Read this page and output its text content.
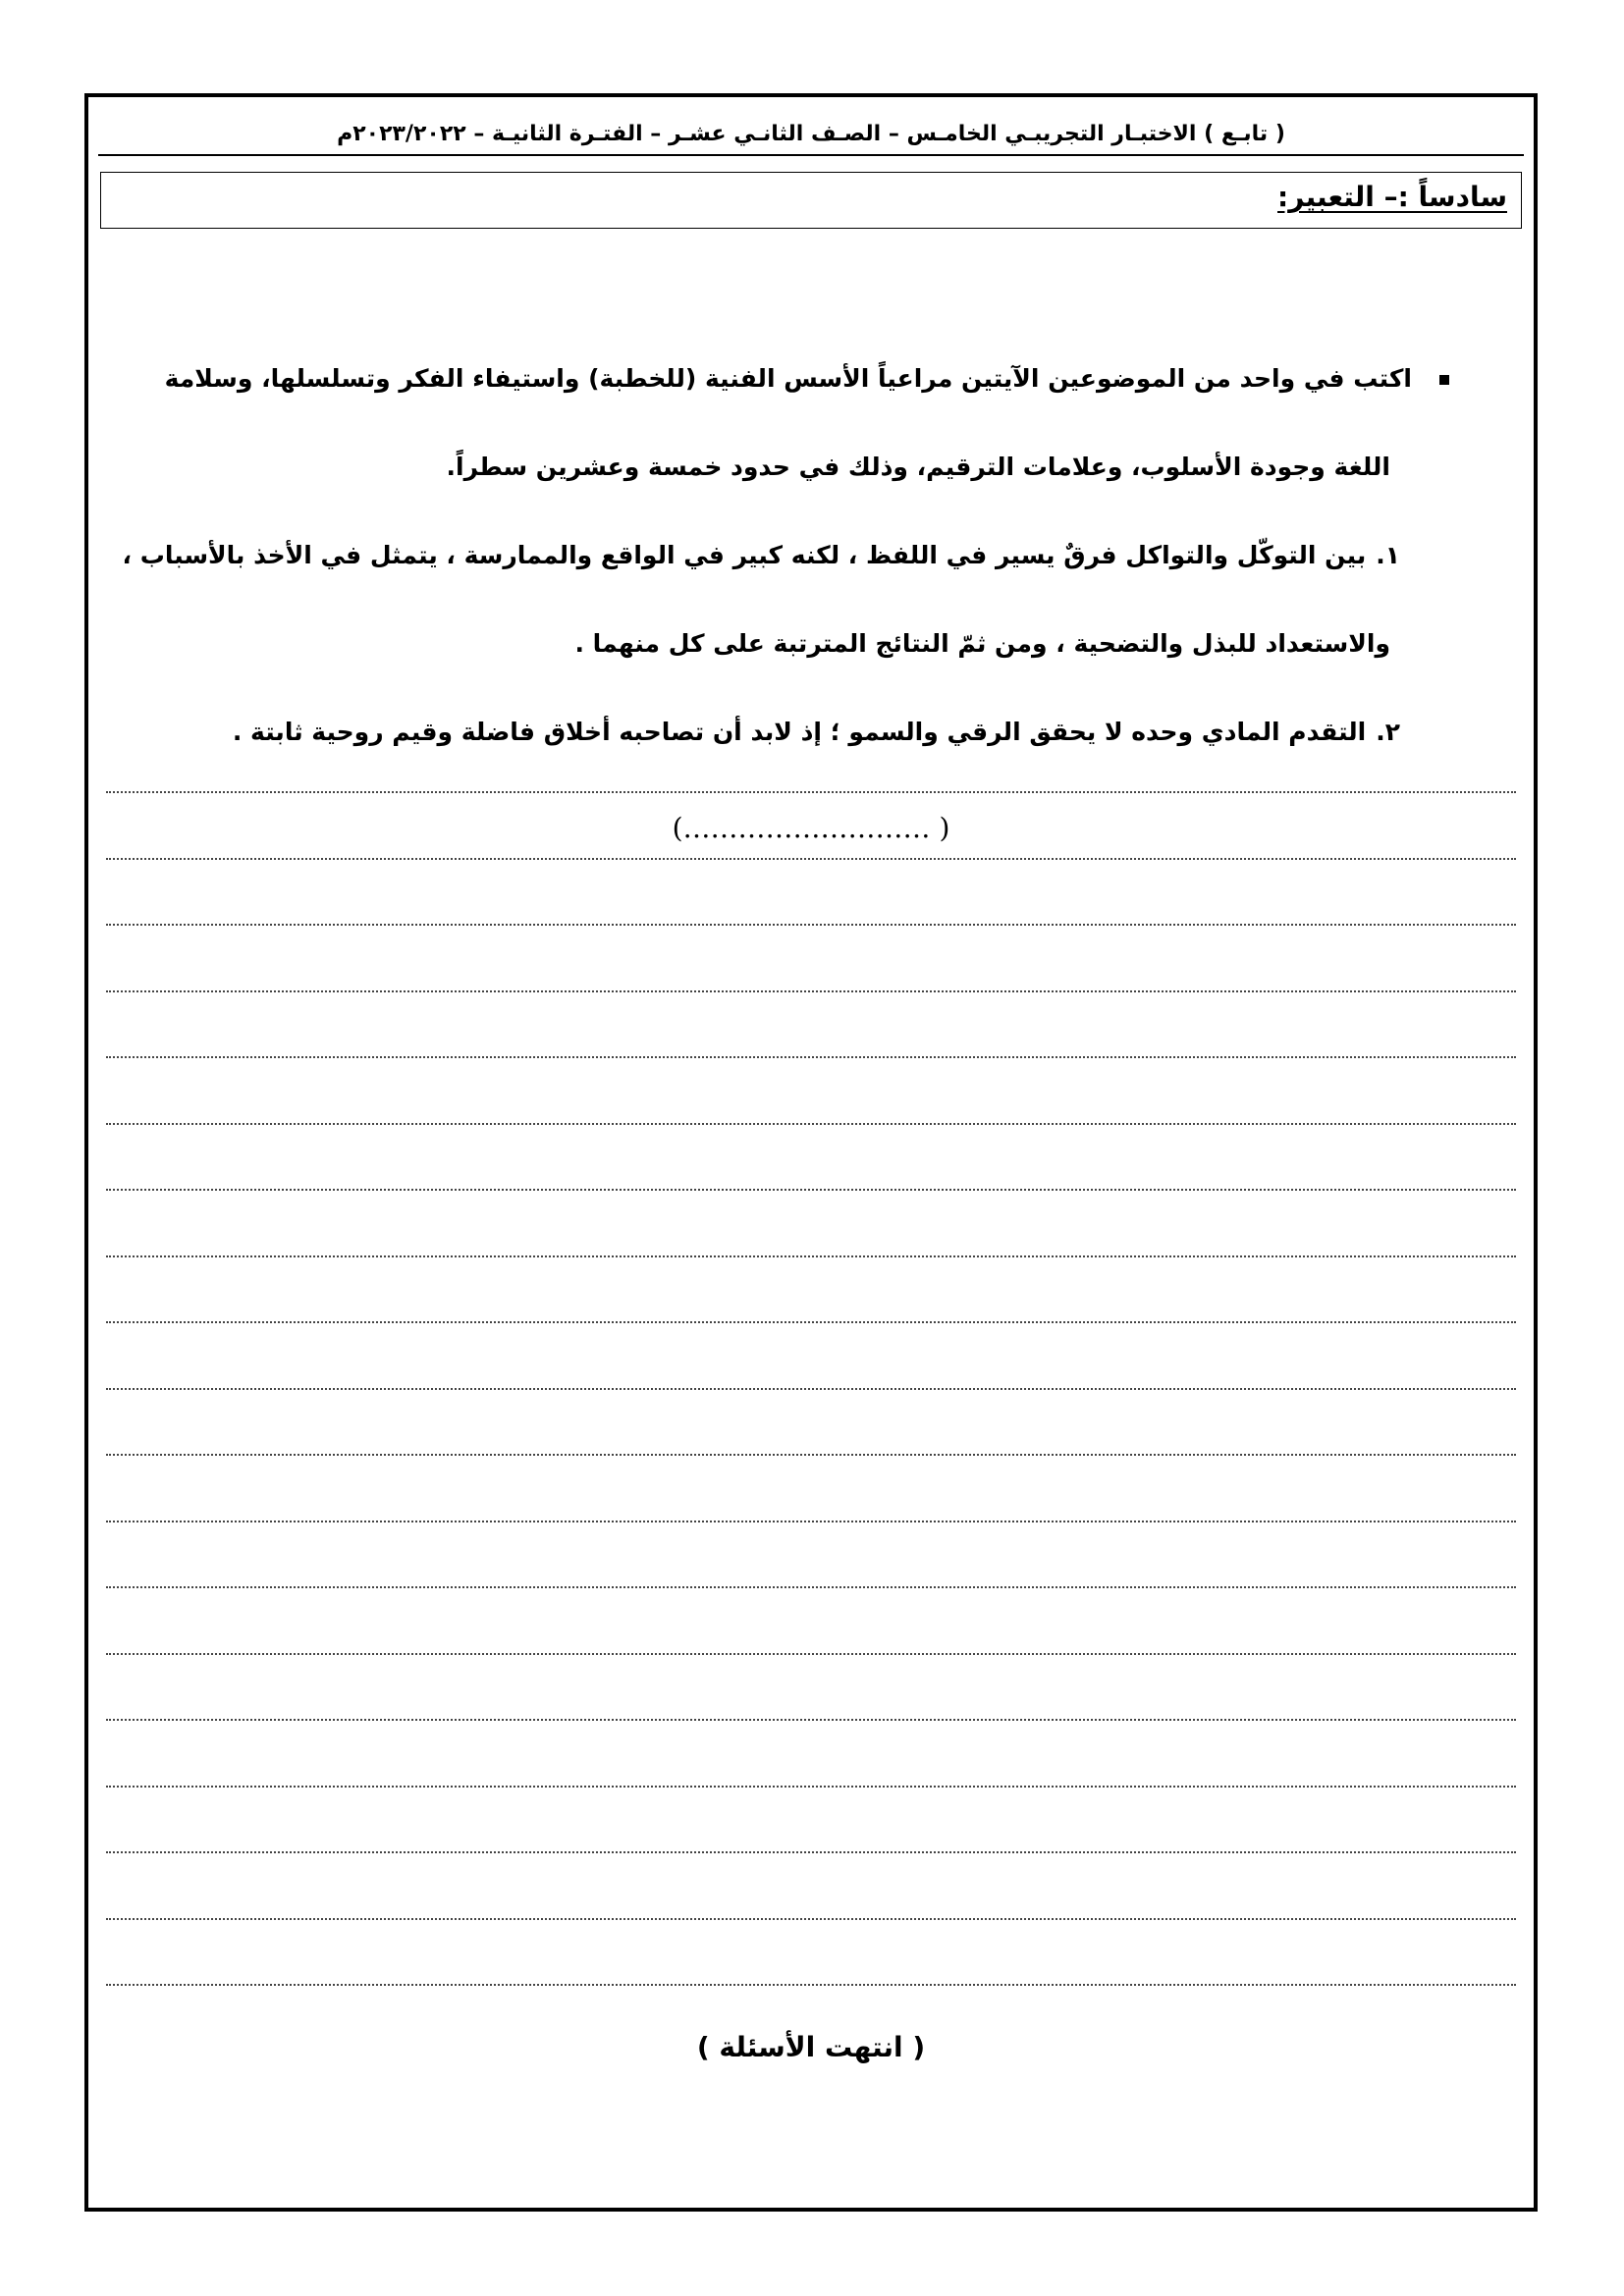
( تابـع ) الاختبـار التجريبـي الخامـس – الصـف الثانـي عشـر – الفتـرة الثانيـة – ٢٠٢٣/٢٠٢٢م
سادساً :– التعبير:
اكتب في واحد من الموضوعين الآيتين مراعياً الأسس الفنية (للخطبة) واستيفاء الفكر وتسلسلها، وسلامة
اللغة وجودة الأسلوب، وعلامات الترقيم، وذلك في حدود خمسة وعشرين سطراً.
١.بين التوكّل والتواكل فرقٌ يسير في اللفظ ، لكنه كبير في الواقع والممارسة ، يتمثل في الأخذ بالأسباب ،
والاستعداد للبذل والتضحية ، ومن ثمّ النتائج المترتبة على كل منهما .
٢.التقدم المادي وحده لا يحقق الرقي والسمو ؛ إذ لابد أن تصاحبه أخلاق فاضلة وقيم روحية ثابتة .
(……………………… )
( انتهت الأسئلة )
